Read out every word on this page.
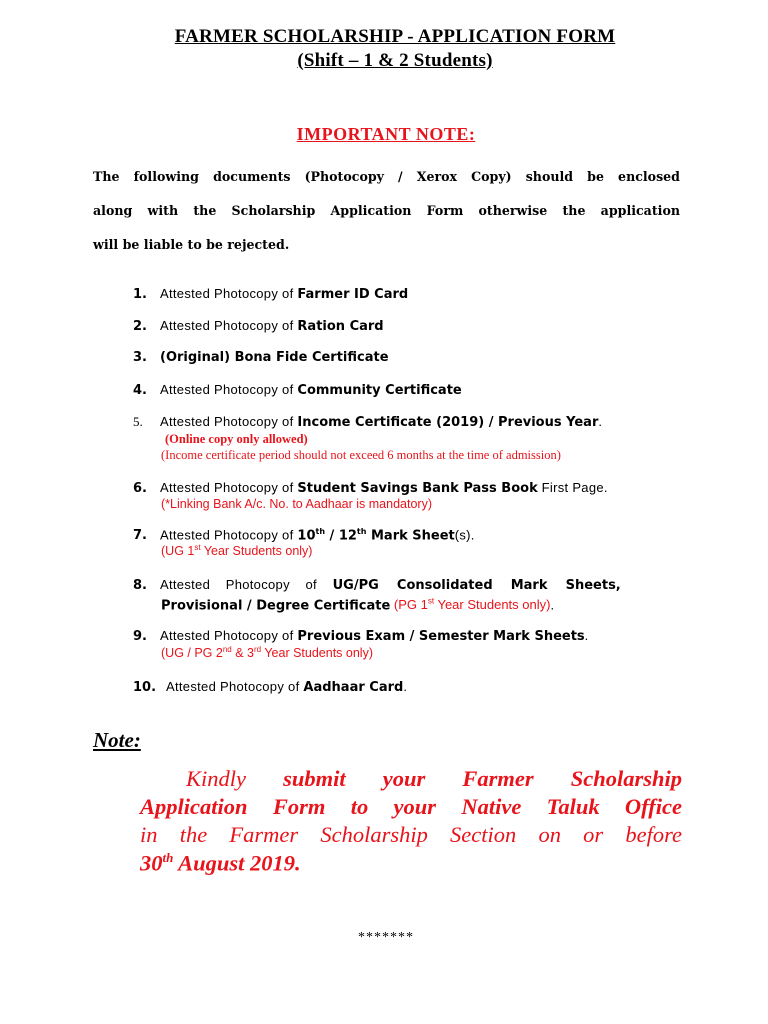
FARMER SCHOLARSHIP - APPLICATION FORM
(Shift – 1 & 2 Students)
IMPORTANT NOTE:
The following documents (Photocopy / Xerox Copy) should be enclosed
along with the Scholarship Application Form otherwise the application
will be liable to be rejected.
1. Attested Photocopy of Farmer ID Card
2. Attested Photocopy of Ration Card
3. (Original) Bona Fide Certificate
4. Attested Photocopy of Community Certificate
5. Attested Photocopy of Income Certificate (2019) / Previous Year.
(Online copy only allowed)
(Income certificate period should not exceed 6 months at the time of admission)
6. Attested Photocopy of Student Savings Bank Pass Book First Page.
(*Linking Bank A/c. No. to Aadhaar is mandatory)
7. Attested Photocopy of 10th / 12th Mark Sheet(s).
(UG 1st Year Students only)
8. Attested    Photocopy    of    UG/PG    Consolidated    Mark    Sheets,
Provisional / Degree Certificate (PG 1st Year Students only).
9. Attested Photocopy of Previous Exam / Semester Mark Sheets.
(UG / PG 2nd & 3rd Year Students only)
10. Attested Photocopy of Aadhaar Card.
Note:
Kindly submit your Farmer Scholarship
Application Form to your Native Taluk Office
in the Farmer Scholarship Section on or before
30th August 2019.
*******
